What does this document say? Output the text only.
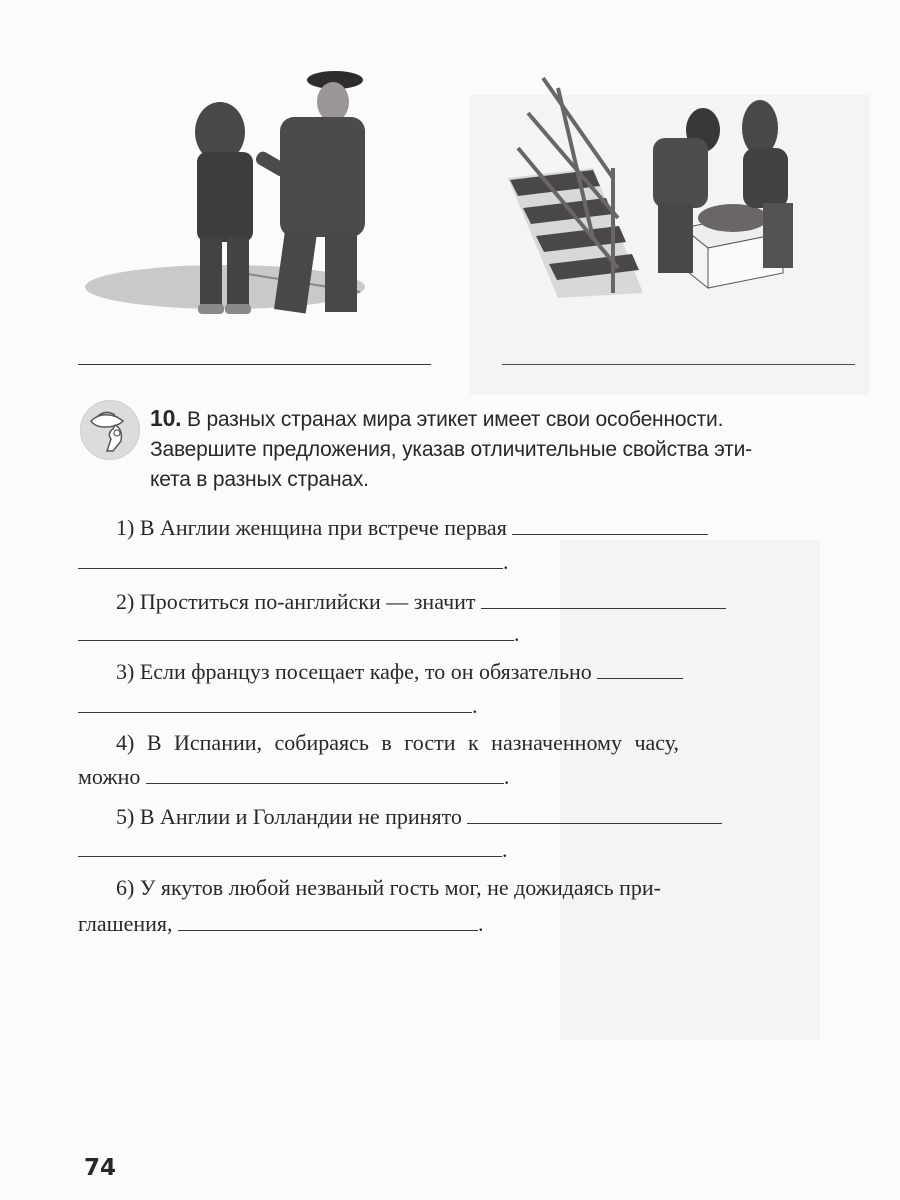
10. В разных странах мира этикет имеет свои особенности.
Завершите предложения, указав отличительные свойства эти-
кета в разных странах.
1) В Англии женщина при встрече первая
.
2) Проститься по-английски — значит
.
3) Если француз посещает кафе, то он обязательно
.
4) В Испании, собираясь в гости к назначенному часу,
можно	.
5) В Англии и Голландии не принято
.
6) У якутов любой незваный гость мог, не дожидаясь при-
глашения,	.
74
